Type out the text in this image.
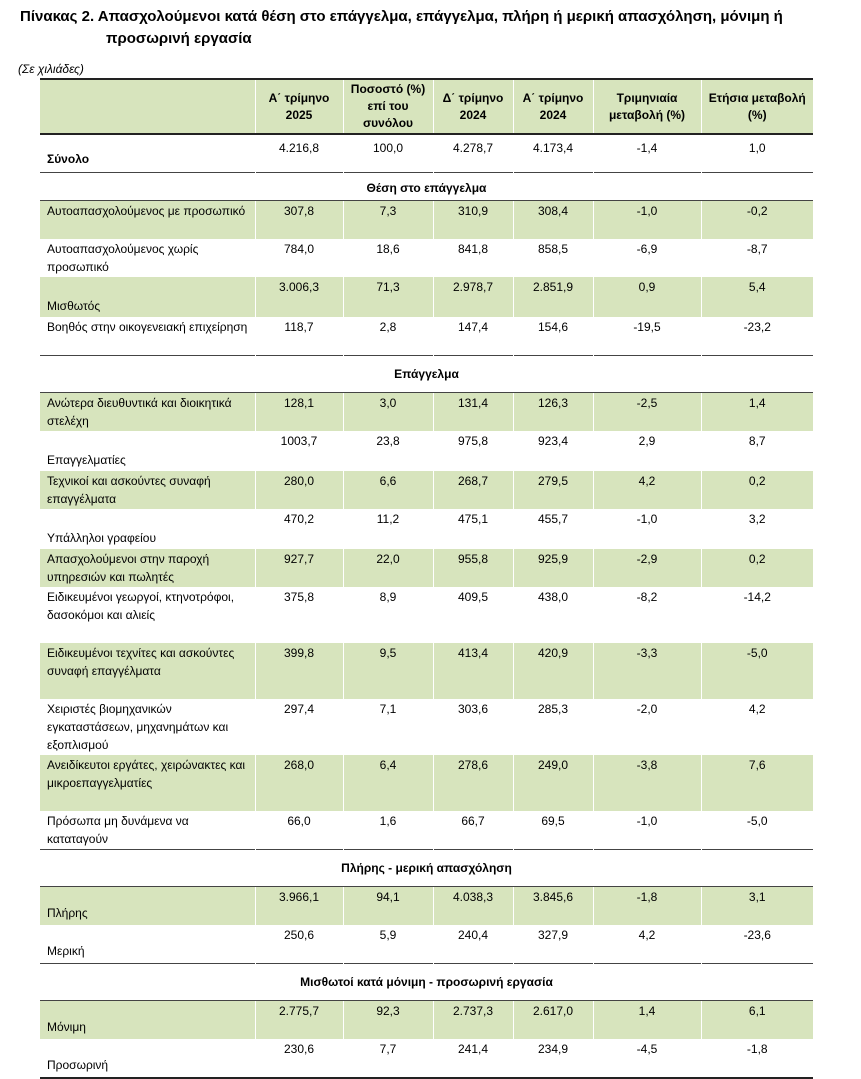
Πίνακας 2. Απασχολούμενοι κατά θέση στο επάγγελμα, επάγγελμα, πλήρη ή μερική απασχόληση, μόνιμη ή
προσωρινή εργασία
(Σε χιλιάδες)
	Α΄ τρίμηνο 2025	Ποσοστό (%) επί του συνόλου	Δ΄ τρίμηνο 2024	Α΄ τρίμηνο 2024	Τριμηνιαία μεταβολή (%)	Ετήσια μεταβολή (%)
Σύνολο	4.216,8	100,0	4.278,7	4.173,4	-1,4	1,0
Θέση στο επάγγελμα						
Αυτοαπασχολούμενος με προσωπικό	307,8	7,3	310,9	308,4	-1,0	-0,2
Αυτοαπασχολούμενος χωρίς προσωπικό	784,0	18,6	841,8	858,5	-6,9	-8,7
Μισθωτός	3.006,3	71,3	2.978,7	2.851,9	0,9	5,4
Βοηθός στην οικογενειακή επιχείρηση	118,7	2,8	147,4	154,6	-19,5	-23,2
Επάγγελμα						
Ανώτερα διευθυντικά και διοικητικά στελέχη	128,1	3,0	131,4	126,3	-2,5	1,4
Επαγγελματίες	1003,7	23,8	975,8	923,4	2,9	8,7
Τεχνικοί και ασκούντες συναφή επαγγέλματα	280,0	6,6	268,7	279,5	4,2	0,2
Υπάλληλοι γραφείου	470,2	11,2	475,1	455,7	-1,0	3,2
Απασχολούμενοι στην παροχή υπηρεσιών και πωλητές	927,7	22,0	955,8	925,9	-2,9	0,2
Ειδικευμένοι γεωργοί, κτηνοτρόφοι, δασοκόμοι και αλιείς	375,8	8,9	409,5	438,0	-8,2	-14,2
Ειδικευμένοι τεχνίτες και ασκούντες συναφή επαγγέλματα	399,8	9,5	413,4	420,9	-3,3	-5,0
Χειριστές βιομηχανικών εγκαταστάσεων, μηχανημάτων και εξοπλισμού	297,4	7,1	303,6	285,3	-2,0	4,2
Ανειδίκευτοι εργάτες, χειρώνακτες και μικροεπαγγελματίες	268,0	6,4	278,6	249,0	-3,8	7,6
Πρόσωπα μη δυνάμενα να καταταγούν	66,0	1,6	66,7	69,5	-1,0	-5,0
Πλήρης - μερική απασχόληση						
Πλήρης	3.966,1	94,1	4.038,3	3.845,6	-1,8	3,1
Μερική	250,6	5,9	240,4	327,9	4,2	-23,6
Μισθωτοί κατά μόνιμη - προσωρινή εργασία						
Μόνιμη	2.775,7	92,3	2.737,3	2.617,0	1,4	6,1
Προσωρινή	230,6	7,7	241,4	234,9	-4,5	-1,8
